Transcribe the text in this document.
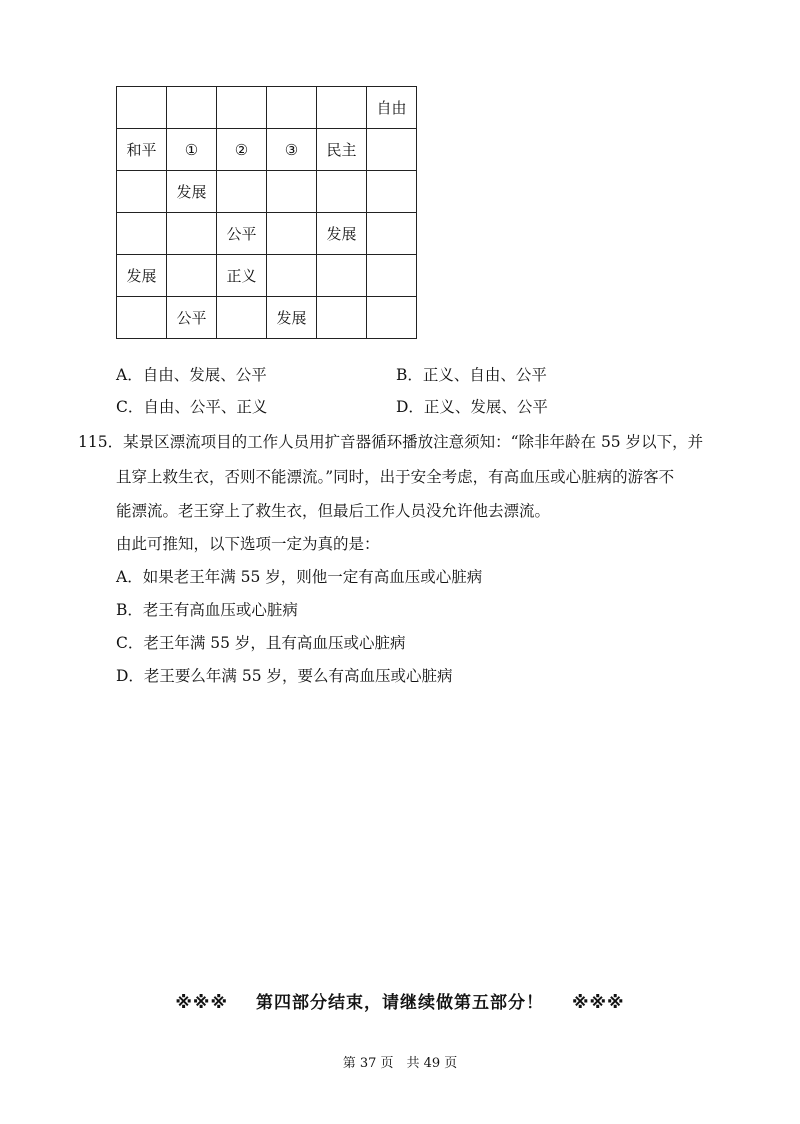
					自由
和平	①	②	③	民主	
	发展				
		公平		发展	
发展		正义			
	公平		发展		
A．自由、发展、公平	B．正义、自由、公平
C．自由、公平、正义	D．正义、发展、公平
115．某景区漂流项目的工作人员用扩音器循环播放注意须知：“除非年龄在 55 岁以下，并
且穿上救生衣，否则不能漂流。”同时，出于安全考虑，有高血压或心脏病的游客不
能漂流。老王穿上了救生衣，但最后工作人员没允许他去漂流。
由此可推知，以下选项一定为真的是：
A．如果老王年满 55 岁，则他一定有高血压或心脏病
B．老王有高血压或心脏病
C．老王年满 55 岁，且有高血压或心脏病
D．老王要么年满 55 岁，要么有高血压或心脏病
※※※ 第四部分结束，请继续做第五部分！ ※※※
第 37 页　共 49 页
